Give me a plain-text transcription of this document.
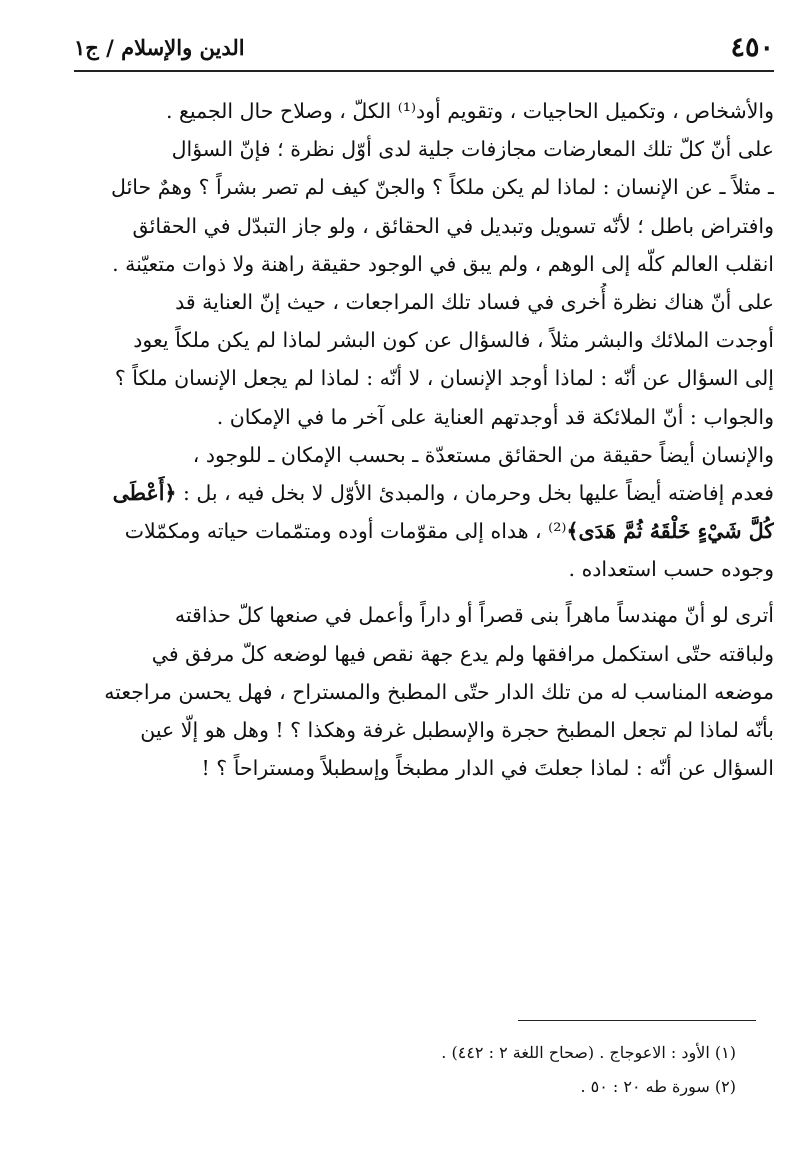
٤٥٠
الدين والإسلام / ج١
والأشخاص ، وتكميل الحاجيات ، وتقويم أود⁽¹⁾ الكلّ ، وصلاح حال الجميع .
على أنّ كلّ تلك المعارضات مجازفات جلية لدى أوّل نظرة ؛ فإنّ السؤال
ـ مثلاً ـ عن الإنسان : لماذا لم يكن ملكاً ؟ والجنّ كيف لم تصر بشراً ؟ وهمٌ حائل
وافتراض باطل ؛ لأنّه تسويل وتبديل في الحقائق ، ولو جاز التبدّل في الحقائق
انقلب العالم كلّه إلى الوهم ، ولم يبق في الوجود حقيقة راهنة ولا ذوات متعيّنة .
على أنّ هناك نظرة أُخرى في فساد تلك المراجعات ، حيث إنّ العناية قد
أوجدت الملائك والبشر مثلاً ، فالسؤال عن كون البشر لماذا لم يكن ملكاً يعود
إلى السؤال عن أنّه : لماذا أوجد الإنسان ، لا أنّه : لماذا لم يجعل الإنسان ملكاً ؟
والجواب : أنّ الملائكة قد أوجدتهم العناية على آخر ما في الإمكان .
والإنسان أيضاً حقيقة من الحقائق مستعدّة ـ بحسب الإمكان ـ للوجود ،
فعدم إفاضته أيضاً عليها بخل وحرمان ، والمبدئ الأوّل لا بخل فيه ، بل : ﴿أَعْطَى
كُلَّ شَيْءٍ خَلْقَهُ ثُمَّ هَدَى﴾⁽²⁾ ، هداه إلى مقوّمات أوده ومتمّمات حياته ومكمّلات
وجوده حسب استعداده .
أترى لو أنّ مهندساً ماهراً بنى قصراً أو داراً وأعمل في صنعها كلّ حذاقته
ولباقته حتّى استكمل مرافقها ولم يدع جهة نقص فيها لوضعه كلّ مرفق في
موضعه المناسب له من تلك الدار حتّى المطبخ والمستراح ، فهل يحسن مراجعته
بأنّه لماذا لم تجعل المطبخ حجرة والإسطبل غرفة وهكذا ؟ ! وهل هو إلّا عين
السؤال عن أنّه : لماذا جعلتَ في الدار مطبخاً وإسطبلاً ومستراحاً ؟ !
(١) الأود : الاعوجاج . (صحاح اللغة ٢ : ٤٤٢) .
(٢) سورة طه ٢٠ : ٥٠ .
